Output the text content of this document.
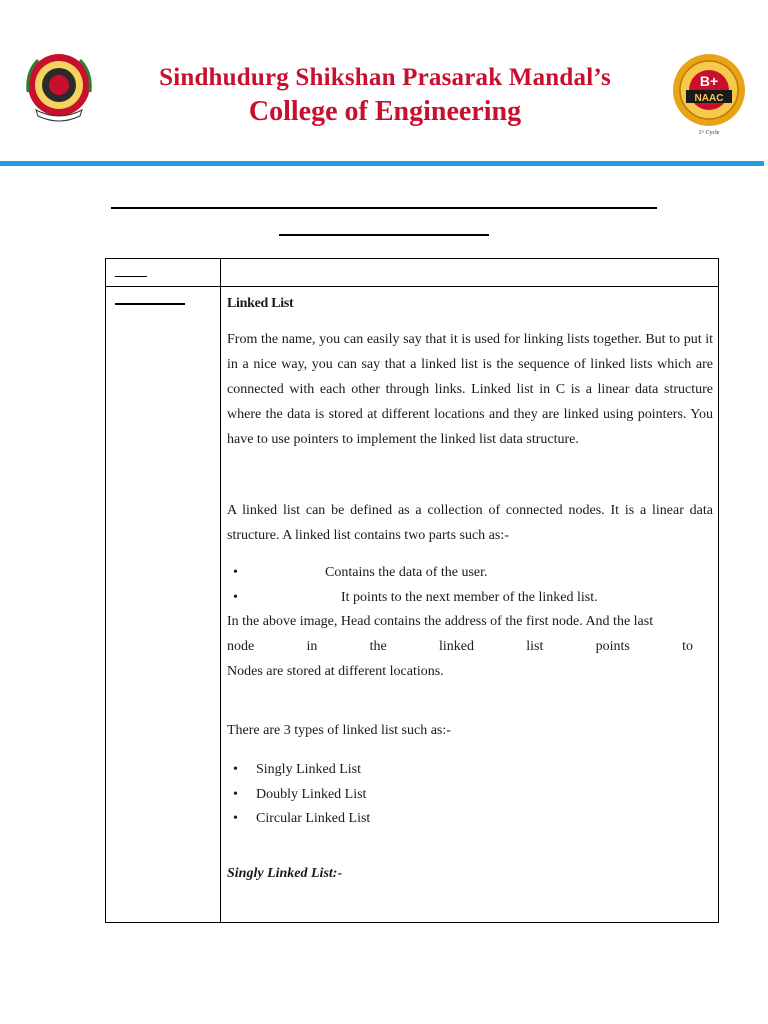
Sindhudurg Shikshan Prasarak Mandal’s
College of Engineering
B+
NAAC
1ˢᵗ Cycle

Linked List

From the name, you can easily say that it is used for linking lists together. But to put it in a nice way, you can say that a linked list is the sequence of linked lists which are connected with each other through links. Linked list in C is a linear data structure where the data is stored at different locations and they are linked using pointers. You have to use pointers to implement the linked list data structure.

A linked list can be defined as a collection of connected nodes. It is a linear data structure. A linked list contains two parts such as:-

•	Contains the data of the user.
•	It points to the next member of the linked list.

In the above image, Head contains the address of the first node. And the last

node	in	the	linked	list	points	to

Nodes are stored at different locations.

There are 3 types of linked list such as:-

• Singly Linked List
• Doubly Linked List
• Circular Linked List

Singly Linked List:-
